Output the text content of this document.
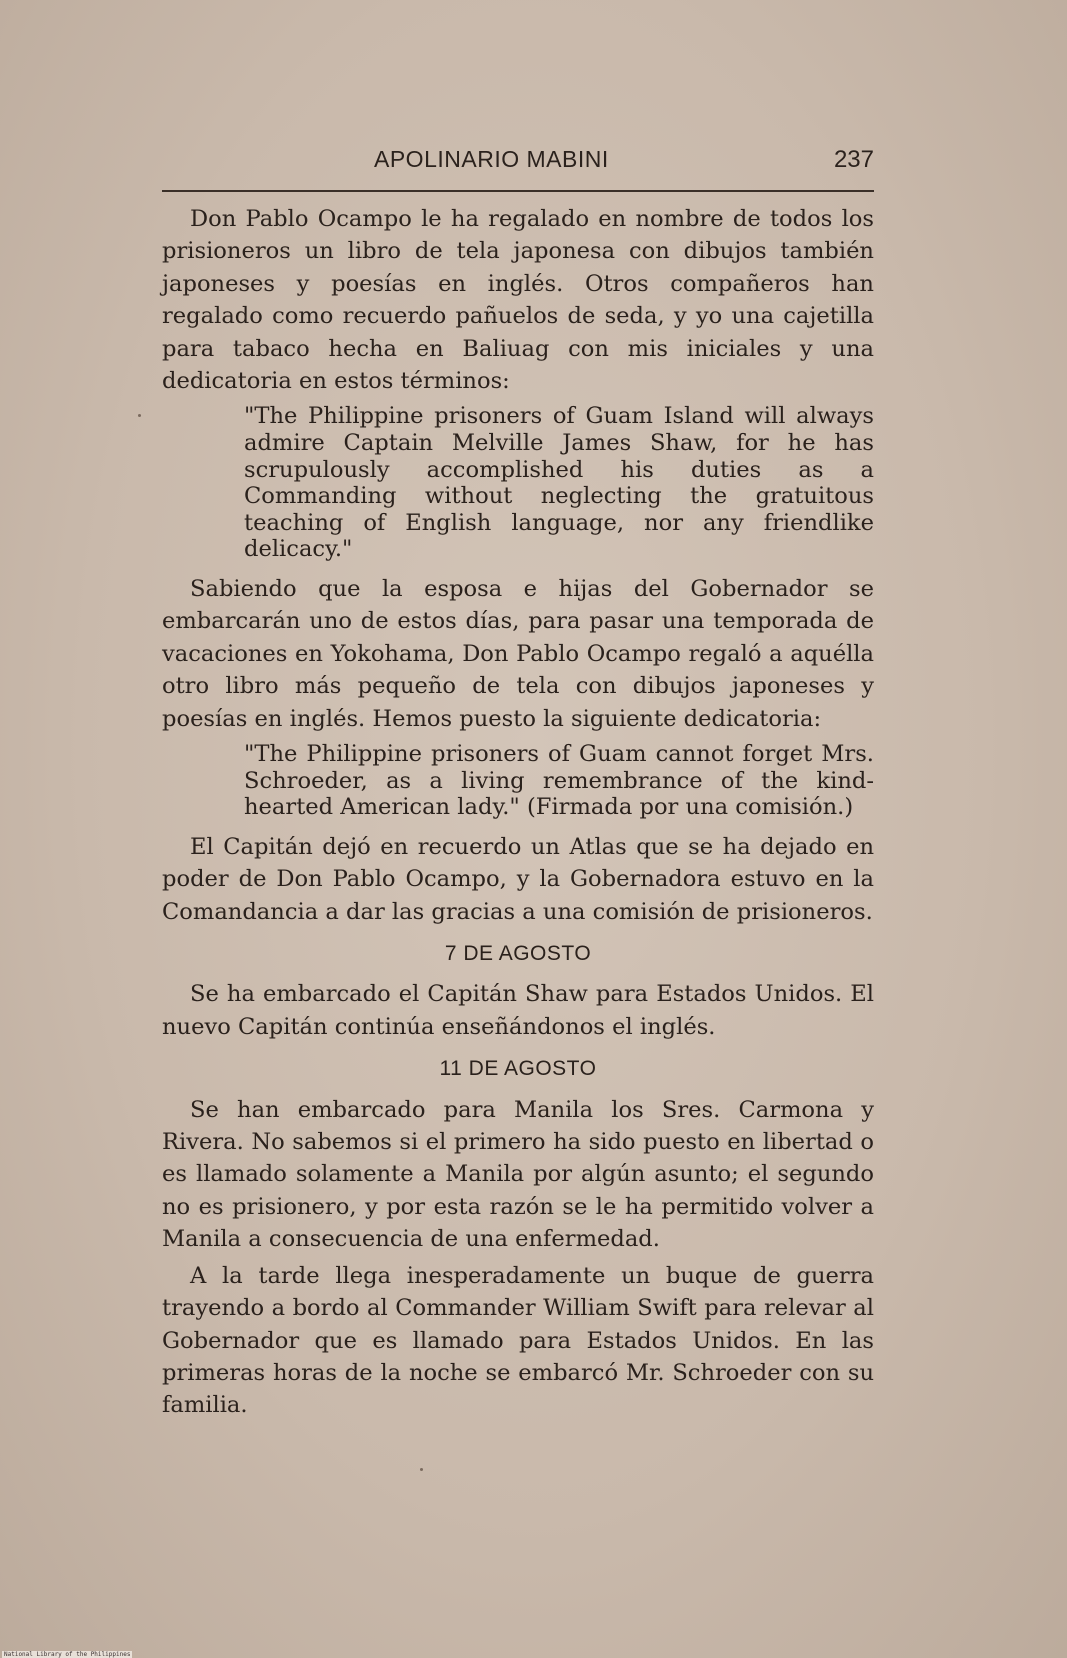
APOLINARIO MABINI	237

Don Pablo Ocampo le ha regalado en nombre de todos los prisioneros un libro de tela japonesa con dibujos también japoneses y poesías en inglés. Otros compañeros han regalado como recuerdo pañuelos de seda, y yo una cajetilla para tabaco hecha en Baliuag con mis iniciales y una dedicatoria en estos términos:

"The Philippine prisoners of Guam Island will always admire Captain Melville James Shaw, for he has scrupulously accomplished his duties as a Commanding without neglecting the gratuitous teaching of English language, nor any friendlike delicacy."

Sabiendo que la esposa e hijas del Gobernador se embarcarán uno de estos días, para pasar una temporada de vacaciones en Yokohama, Don Pablo Ocampo regaló a aquélla otro libro más pequeño de tela con dibujos japoneses y poesías en inglés. Hemos puesto la siguiente dedicatoria:

"The Philippine prisoners of Guam cannot forget Mrs. Schroeder, as a living remembrance of the kind-hearted American lady." (Firmada por una comisión.)

El Capitán dejó en recuerdo un Atlas que se ha dejado en poder de Don Pablo Ocampo, y la Gobernadora estuvo en la Comandancia a dar las gracias a una comisión de prisioneros.

7 DE AGOSTO

Se ha embarcado el Capitán Shaw para Estados Unidos. El nuevo Capitán continúa enseñándonos el inglés.

11 DE AGOSTO

Se han embarcado para Manila los Sres. Carmona y Rivera. No sabemos si el primero ha sido puesto en libertad o es llamado solamente a Manila por algún asunto; el segundo no es prisionero, y por esta razón se le ha permitido volver a Manila a consecuencia de una enfermedad.

A la tarde llega inesperadamente un buque de guerra trayendo a bordo al Commander William Swift para relevar al Gobernador que es llamado para Estados Unidos. En las primeras horas de la noche se embarcó Mr. Schroeder con su familia.

National Library of the Philippines
